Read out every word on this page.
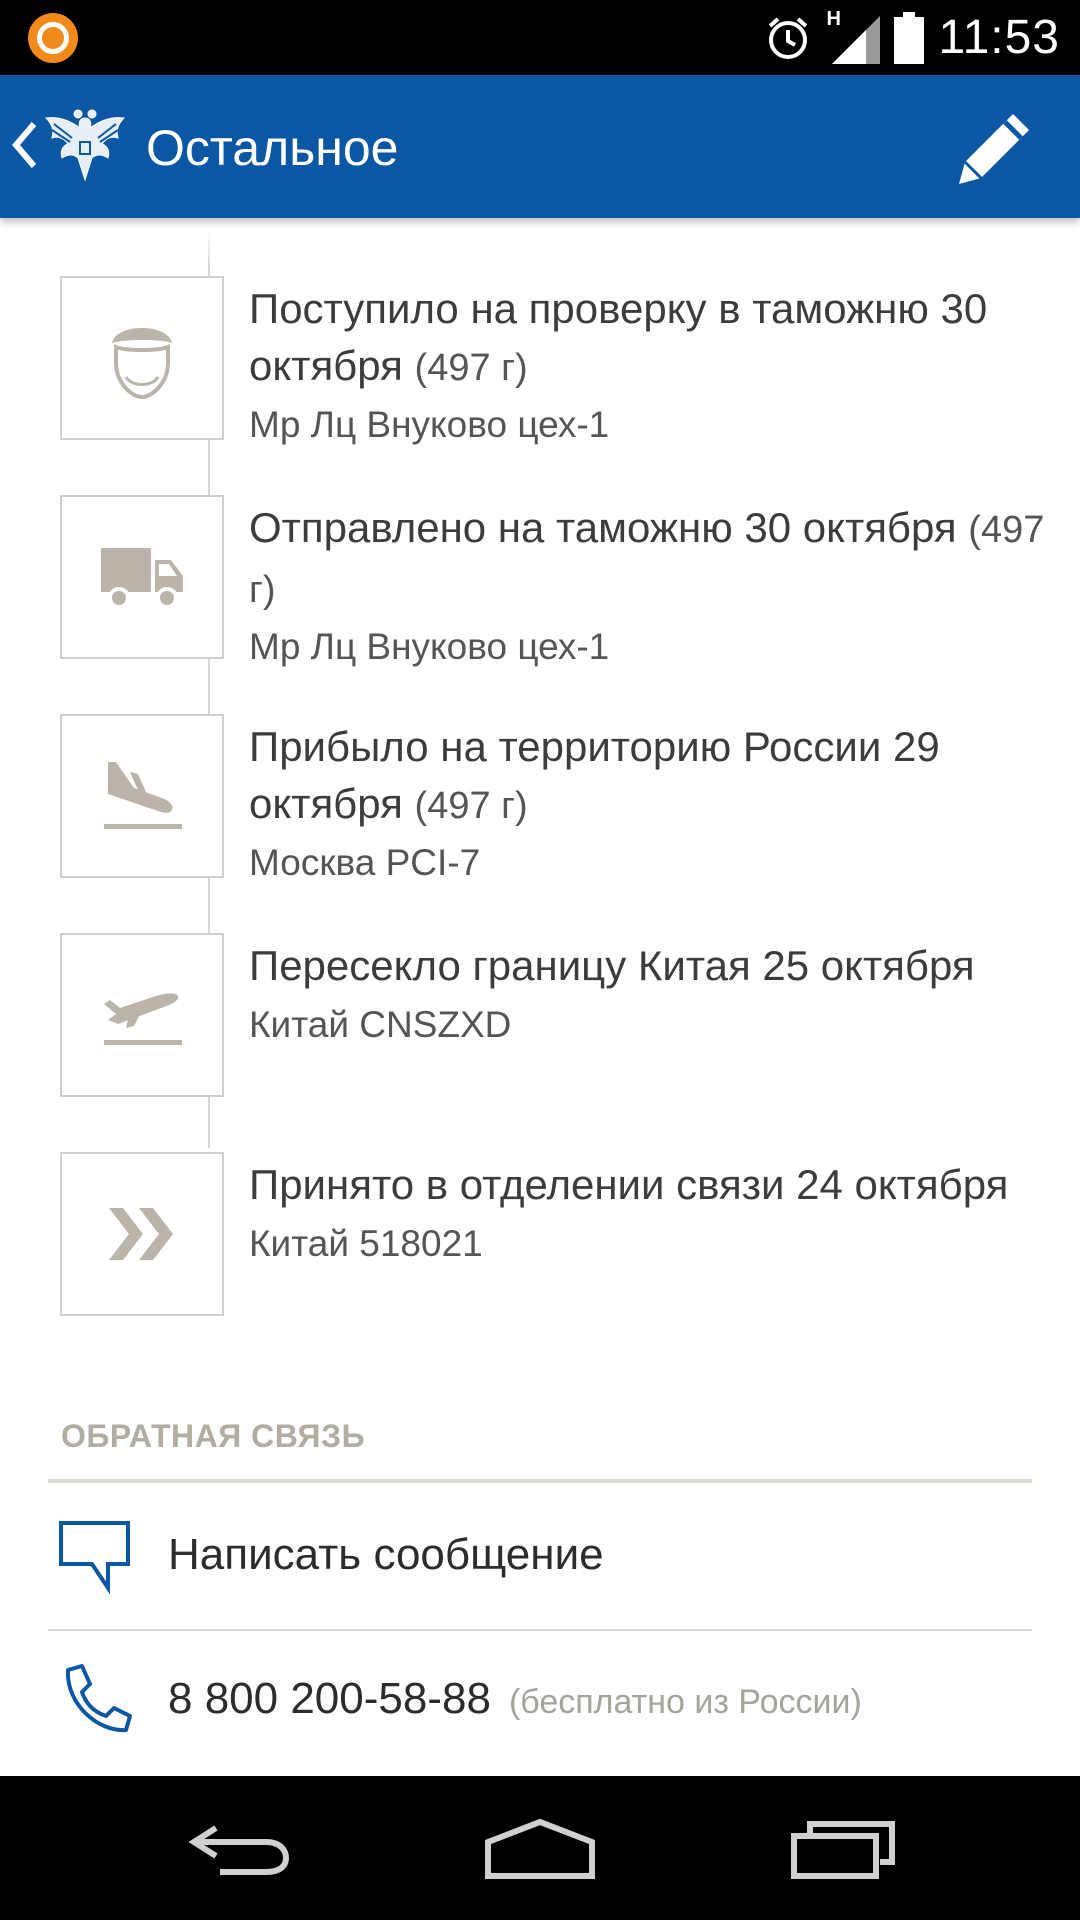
H 11:53
Остальное
Поступило на проверку в таможню 30 октября (497 г)
Мр Лц Внуково цех-1
Отправлено на таможню 30 октября (497 г)
Мр Лц Внуково цех-1
Прибыло на территорию России 29 октября (497 г)
Москва PCI-7
Пересекло границу Китая 25 октября
Китай CNSZXD
Принято в отделении связи 24 октября
Китай 518021
ОБРАТНАЯ СВЯЗЬ
Написать сообщение
8 800 200-58-88 (бесплатно из России)
